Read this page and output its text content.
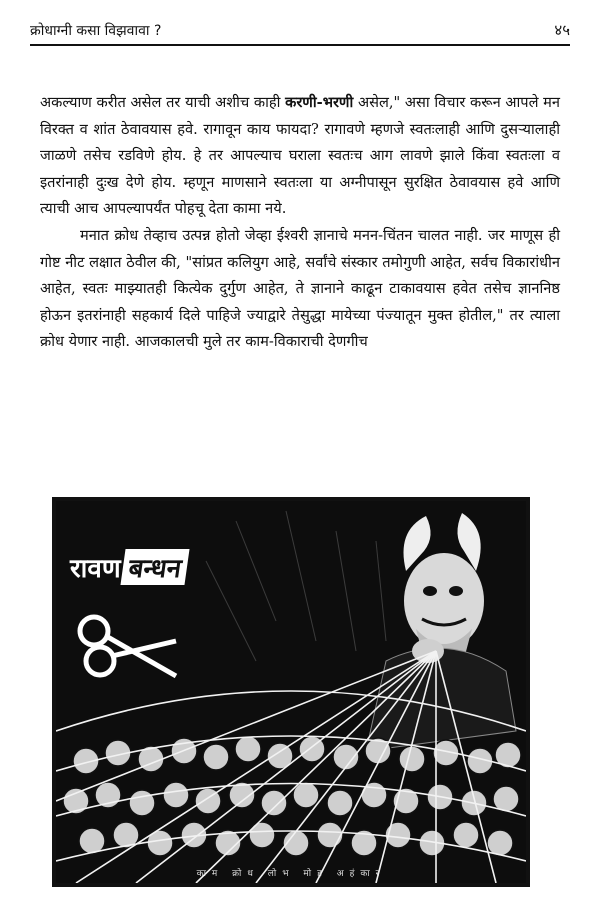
क्रोधाग्नी कसा विझवावा ?	४५

अकल्याण करीत असेल तर याची अशीच काही करणी-भरणी असेल," असा विचार करून आपले मन विरक्त व शांत ठेवावयास हवे. रागावून काय फायदा? रागावणे म्हणजे स्वतःलाही आणि दुसऱ्यालाही जाळणे तसेच रडविणे होय. हे तर आपल्याच घराला स्वतःच आग लावणे झाले किंवा स्वतःला व इतरांनाही दुःख देणे होय. म्हणून माणसाने स्वतःला या अग्नीपासून सुरक्षित ठेवावयास हवे आणि त्याची आच आपल्यापर्यंत पोहचू देता कामा नये.

मनात क्रोध तेव्हाच उत्पन्न होतो जेव्हा ईश्वरी ज्ञानाचे मनन-चिंतन चालत नाही. जर माणूस ही गोष्ट नीट लक्षात ठेवील की, "सांप्रत कलियुग आहे, सर्वांचे संस्कार तमोगुणी आहेत, सर्वच विकारांधीन आहेत, स्वतः माझ्यातही कित्येक दुर्गुण आहेत, ते ज्ञानाने काढून टाकावयास हवेत तसेच ज्ञाननिष्ठ होऊन इतरांनाही सहकार्य दिले पाहिजे ज्याद्वारे तेसुद्धा मायेच्या पंज्यातून मुक्त होतील," तर त्याला क्रोध येणार नाही. आजकालची मुले तर काम-विकाराची देणगीच

रावण बन्धन
काम क्रोध लोभ मोह अहंकार
